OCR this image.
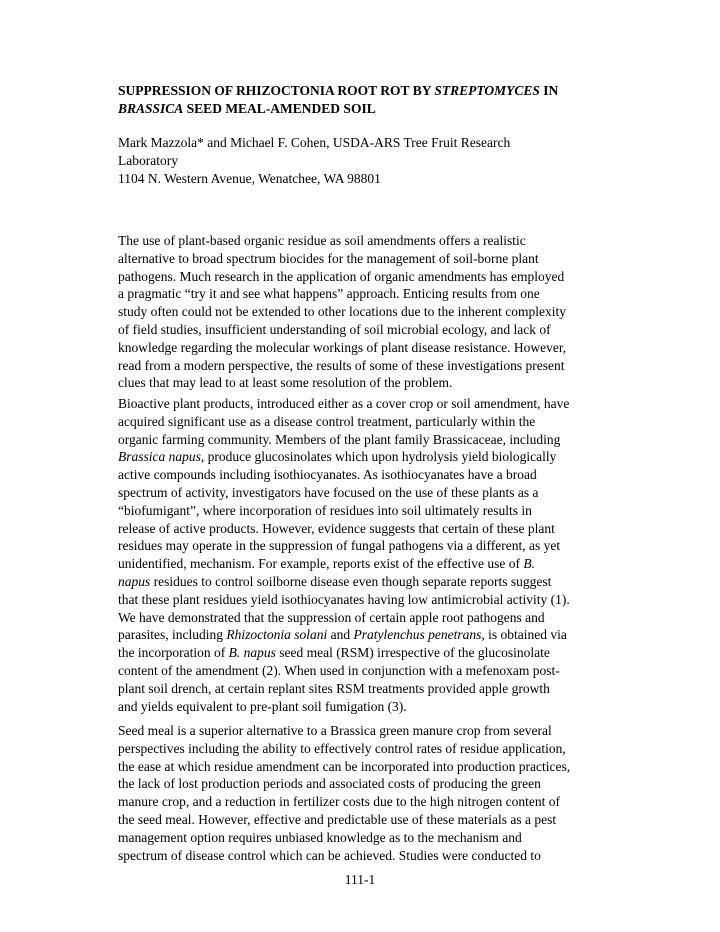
SUPPRESSION OF RHIZOCTONIA ROOT ROT BY STREPTOMYCES IN
BRASSICA SEED MEAL-AMENDED SOIL
Mark Mazzola* and Michael F. Cohen, USDA-ARS Tree Fruit Research
Laboratory
1104 N. Western Avenue, Wenatchee, WA 98801
The use of plant-based organic residue as soil amendments offers a realistic
alternative to broad spectrum biocides for the management of soil-borne plant
pathogens. Much research in the application of organic amendments has employed
a pragmatic “try it and see what happens” approach. Enticing results from one
study often could not be extended to other locations due to the inherent complexity
of field studies, insufficient understanding of soil microbial ecology, and lack of
knowledge regarding the molecular workings of plant disease resistance. However,
read from a modern perspective, the results of some of these investigations present
clues that may lead to at least some resolution of the problem.
Bioactive plant products, introduced either as a cover crop or soil amendment, have
acquired significant use as a disease control treatment, particularly within the
organic farming community. Members of the plant family Brassicaceae, including
Brassica napus, produce glucosinolates which upon hydrolysis yield biologically
active compounds including isothiocyanates. As isothiocyanates have a broad
spectrum of activity, investigators have focused on the use of these plants as a
“biofumigant”, where incorporation of residues into soil ultimately results in
release of active products. However, evidence suggests that certain of these plant
residues may operate in the suppression of fungal pathogens via a different, as yet
unidentified, mechanism. For example, reports exist of the effective use of B.
napus residues to control soilborne disease even though separate reports suggest
that these plant residues yield isothiocyanates having low antimicrobial activity (1).
We have demonstrated that the suppression of certain apple root pathogens and
parasites, including Rhizoctonia solani and Pratylenchus penetrans, is obtained via
the incorporation of B. napus seed meal (RSM) irrespective of the glucosinolate
content of the amendment (2). When used in conjunction with a mefenoxam post-
plant soil drench, at certain replant sites RSM treatments provided apple growth
and yields equivalent to pre-plant soil fumigation (3).
Seed meal is a superior alternative to a Brassica green manure crop from several
perspectives including the ability to effectively control rates of residue application,
the ease at which residue amendment can be incorporated into production practices,
the lack of lost production periods and associated costs of producing the green
manure crop, and a reduction in fertilizer costs due to the high nitrogen content of
the seed meal. However, effective and predictable use of these materials as a pest
management option requires unbiased knowledge as to the mechanism and
spectrum of disease control which can be achieved. Studies were conducted to
111-1
